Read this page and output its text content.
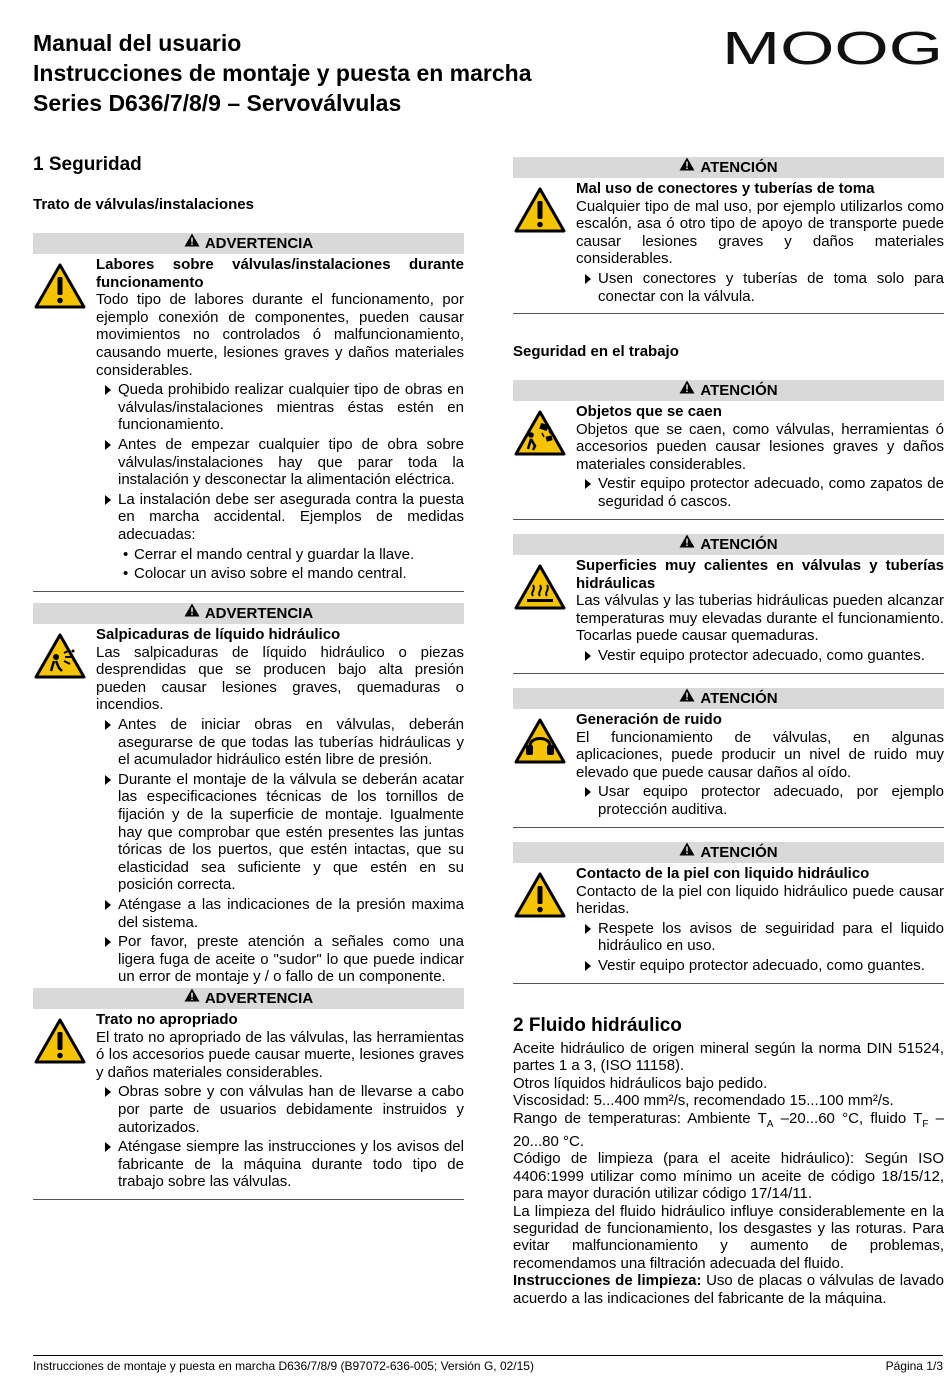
Manual del usuario
Instrucciones de montaje y puesta en marcha
Series D636/7/8/9 – Servoválvulas
MOOG
1 Seguridad
Trato de válvulas/instalaciones
ADVERTENCIA
Labores sobre válvulas/instalaciones durante funcionamento
Todo tipo de labores durante el funcionamento, por ejemplo conexión de componentes, pueden causar movimientos no controlados ó malfuncionamiento, causando muerte, lesiones graves y daños materiales considerables.
Queda prohibido realizar cualquier tipo de obras en válvulas/instalaciones mientras éstas estén en funcionamiento.
Antes de empezar cualquier tipo de obra sobre válvulas/instalaciones hay que parar toda la instalación y desconectar la alimentación eléctrica.
La instalación debe ser asegurada contra la puesta en marcha accidental. Ejemplos de medidas adecuadas:
• Cerrar el mando central y guardar la llave.
• Colocar un aviso sobre el mando central.
ADVERTENCIA
Salpicaduras de líquido hidráulico
Las salpicaduras de líquido hidráulico o piezas desprendidas que se producen bajo alta presión pueden causar lesiones graves, quemaduras o incendios.
Antes de iniciar obras en válvulas, deberán asegurarse de que todas las tuberías hidráulicas y el acumulador hidráulico estén libre de presión.
Durante el montaje de la válvula se deberán acatar las especificaciones técnicas de los tornillos de fijación y de la superficie de montaje. Igualmente hay que comprobar que estén presentes las juntas tóricas de los puertos, que estén intactas, que su elasticidad sea suficiente y que estén en su posición correcta.
Aténgase a las indicaciones de la presión maxima del sistema.
Por favor, preste atención a señales como una ligera fuga de aceite o "sudor" lo que puede indicar un error de montaje y / o fallo de un componente.
ADVERTENCIA
Trato no apropriado
El trato no apropriado de las válvulas, las herramientas ó los accesorios puede causar muerte, lesiones graves y daños materiales considerables.
Obras sobre y con válvulas han de llevarse a cabo por parte de usuarios debidamente instruidos y autorizados.
Aténgase siempre las instrucciones y los avisos del fabricante de la máquina durante todo tipo de trabajo sobre las válvulas.
ATENCIÓN
Mal uso de conectores y tuberías de toma
Cualquier tipo de mal uso, por ejemplo utilizarlos como escalón, asa ó otro tipo de apoyo de transporte puede causar lesiones graves y daños materiales considerables.
Usen conectores y tuberías de toma solo para conectar con la válvula.
Seguridad en el trabajo
ATENCIÓN
Objetos que se caen
Objetos que se caen, como válvulas, herramientas ó accesorios pueden causar lesiones graves y daños materiales considerables.
Vestir equipo protector adecuado, como zapatos de seguridad ó cascos.
ATENCIÓN
Superficies muy calientes en válvulas y tuberías hidráulicas
Las válvulas y las tuberias hidráulicas pueden alcanzar temperaturas muy elevadas durante el funcionamiento. Tocarlas puede causar quemaduras.
Vestir equipo protector adecuado, como guantes.
ATENCIÓN
Generación de ruido
El funcionamiento de válvulas, en algunas aplicaciones, puede producir un nivel de ruido muy elevado que puede causar daños al oído.
Usar equipo protector adecuado, por ejemplo protección auditiva.
ATENCIÓN
Contacto de la piel con liquido hidráulico
Contacto de la piel con liquido hidráulico puede causar heridas.
Respete los avisos de seguiridad para el liquido hidráulico en uso.
Vestir equipo protector adecuado, como guantes.
2 Fluido hidráulico

Aceite hidráulico de origen mineral según la norma DIN 51524, partes 1 a 3, (ISO 11158).

Otros líquidos hidráulicos bajo pedido.

Viscosidad: 5...400 mm²/s, recomendado 15...100 mm²/s.

Rango de temperaturas: Ambiente $T_A$ –20...60 °C, fluido $T_F$ –20...80 °C.

Código de limpieza (para el aceite hidráulico): Según ISO 4406:1999 utilizar como mínimo un aceite de código 18/15/12, para mayor duración utilizar código 17/14/11.

La limpieza del fluido hidráulico influye considerablemente en la seguridad de funcionamiento, los desgastes y las roturas. Para evitar malfuncionamiento y aumento de problemas, recomendamos una filtración adecuada del fluido.

Instrucciones de limpieza: Uso de placas o válvulas de lavado acuerdo a las indicaciones del fabricante de la máquina.

Instrucciones de montaje y puesta en marcha D636/7/8/9 (B97072-636-005; Versión G, 02/15)	Página 1/3
